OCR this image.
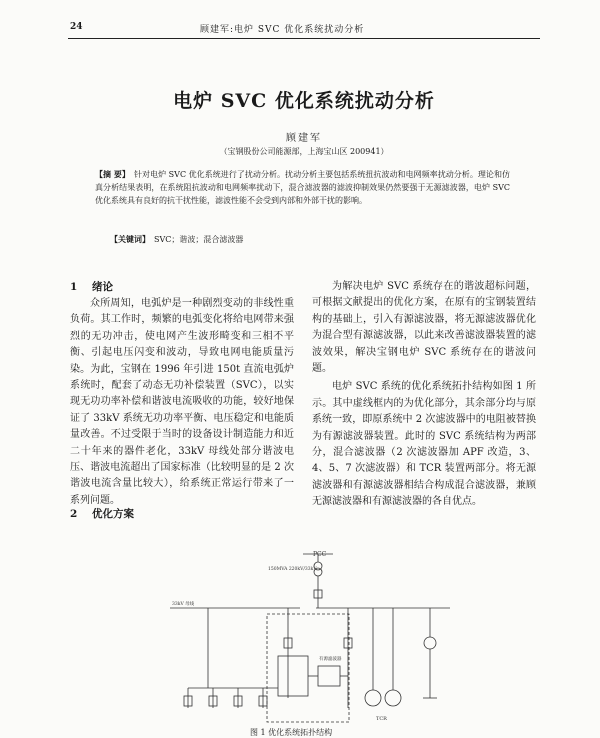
24	顾建军:电炉 SVC 优化系统扰动分析
电炉 SVC 优化系统扰动分析
顾建军
（宝钢股份公司能源部，上海宝山区 200941）
【摘 要】 针对电炉 SVC 优化系统进行了扰动分析。扰动分析主要包括系统扭抗波动和电网频率扰动分析。理论和仿真分析结果表明，在系统阻抗波动和电网频率扰动下，混合滤波器的滤波抑制效果仍然要强于无源滤波器，电炉 SVC 优化系统具有良好的抗干扰性能，滤波性能不会受到内部和外部干扰的影响。
【关键词】 SVC；谐波；混合滤波器
1 绪论

众所周知，电弧炉是一种剧烈变动的非线性重负荷。其工作时，频繁的电弧变化将给电网带来强烈的无功冲击，使电网产生波形畸变和三相不平衡、引起电压闪变和波动，导致电网电能质量污染。为此，宝钢在 1996 年引进 150t 直流电弧炉系统时，配套了动态无功补偿装置（SVC），以实现无功功率补偿和谐波电流吸收的功能，较好地保证了 33kV 系统无功功率平衡、电压稳定和电能质量改善。不过受限于当时的设备设计制造能力和近二十年来的器件老化，33kV 母线处部分谐波电压、谐波电流超出了国家标准（比较明显的是 2 次谐波电流含量比较大），给系统正常运行带来了一系列问题。

2 优化方案

为解决电炉 SVC 系统存在的谐波超标问题，可根据文献提出的优化方案，在原有的宝钢装置结构的基础上，引入有源滤波器，将无源滤波器优化为混合型有源滤波器，以此来改善滤波器装置的滤波效果，解决宝钢电炉 SVC 系统存在的谐波问题。

电炉 SVC 系统的优化系统拓扑结构如图 1 所示。其中虚线框内的为优化部分，其余部分均与原系统一致，即原系统中 2 次滤波器中的电阻被替换为有源滤波器装置。此时的 SVC 系统结构为两部分，混合滤波器（2 次滤波器加 APF 改造，3、4、5、7 次滤波器）和 TCR 装置两部分。将无源滤波器和有源滤波器相结合构成混合滤波器，兼顾无源滤波器和有源滤波器的各自优点。

PCC
150MVA 220kV/33kV
33kV 母线
有源滤波器
TCR
图 1 优化系统拓扑结构
